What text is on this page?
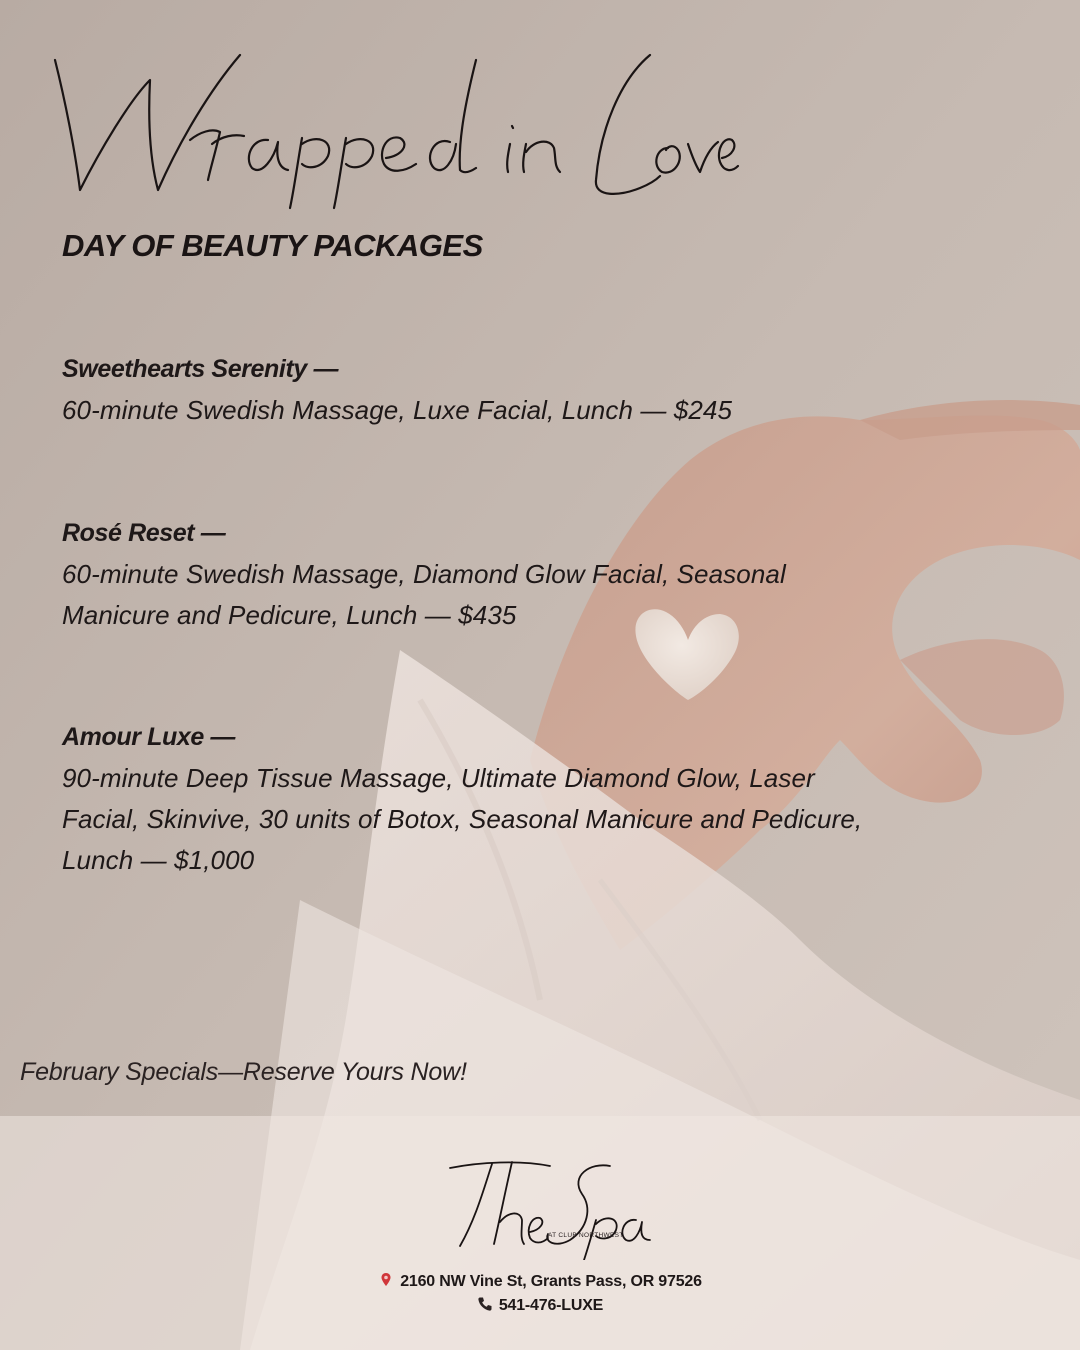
DAY OF BEAUTY PACKAGES
Sweethearts Serenity —
60-minute Swedish Massage, Luxe Facial, Lunch — $245
Rosé Reset —
60-minute Swedish Massage, Diamond Glow Facial, Seasonal Manicure and Pedicure, Lunch — $435
Amour Luxe —
90-minute Deep Tissue Massage, Ultimate Diamond Glow, Laser Facial, Skinvive, 30 units of Botox, Seasonal Manicure and Pedicure, Lunch — $1,000

February Specials—Reserve Yours Now!

AT CLUB NORTHWEST
2160 NW Vine St, Grants Pass, OR 97526
541-476-LUXE
